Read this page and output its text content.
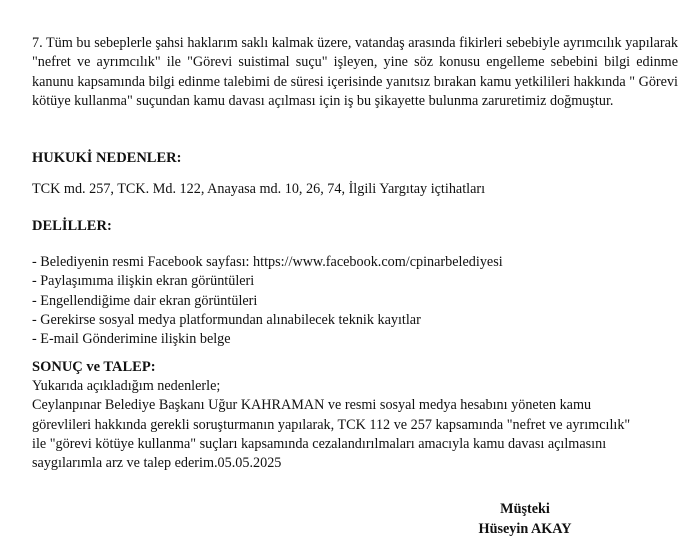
7. Tüm bu sebeplerle şahsi haklarım saklı kalmak üzere, vatandaş arasında fikirleri sebebiyle ayrımcılık yapılarak "nefret ve ayrımcılık" ile "Görevi suistimal suçu" işleyen, yine söz konusu engelleme sebebini bilgi edinme kanunu kapsamında bilgi edinme talebimi de süresi içerisinde yanıtsız bırakan kamu yetkilileri hakkında " Görevi kötüye kullanma" suçundan kamu davası açılması için iş bu şikayette bulunma zaruretimiz doğmuştur.

HUKUKİ NEDENLER:
TCK md. 257, TCK. Md. 122, Anayasa md. 10, 26, 74, İlgili Yargıtay içtihatları
DELİLLER:
- Belediyenin resmi Facebook sayfası: https://www.facebook.com/cpinarbelediyesi
- Paylaşımıma ilişkin ekran görüntüleri
- Engellendiğime dair ekran görüntüleri
- Gerekirse sosyal medya platformundan alınabilecek teknik kayıtlar
- E-mail Gönderimine ilişkin belge
SONUÇ ve TALEP:
Yukarıda açıkladığım nedenlerle;
Ceylanpınar Belediye Başkanı Uğur KAHRAMAN ve resmi sosyal medya hesabını yöneten kamu
görevlileri hakkında gerekli soruşturmanın yapılarak, TCK 112 ve 257 kapsamında "nefret ve ayrımcılık"
ile "görevi kötüye kullanma" suçları kapsamında cezalandırılmaları amacıyla kamu davası açılmasını
saygılarımla arz ve talep ederim.05.05.2025
Müşteki
Hüseyin AKAY
